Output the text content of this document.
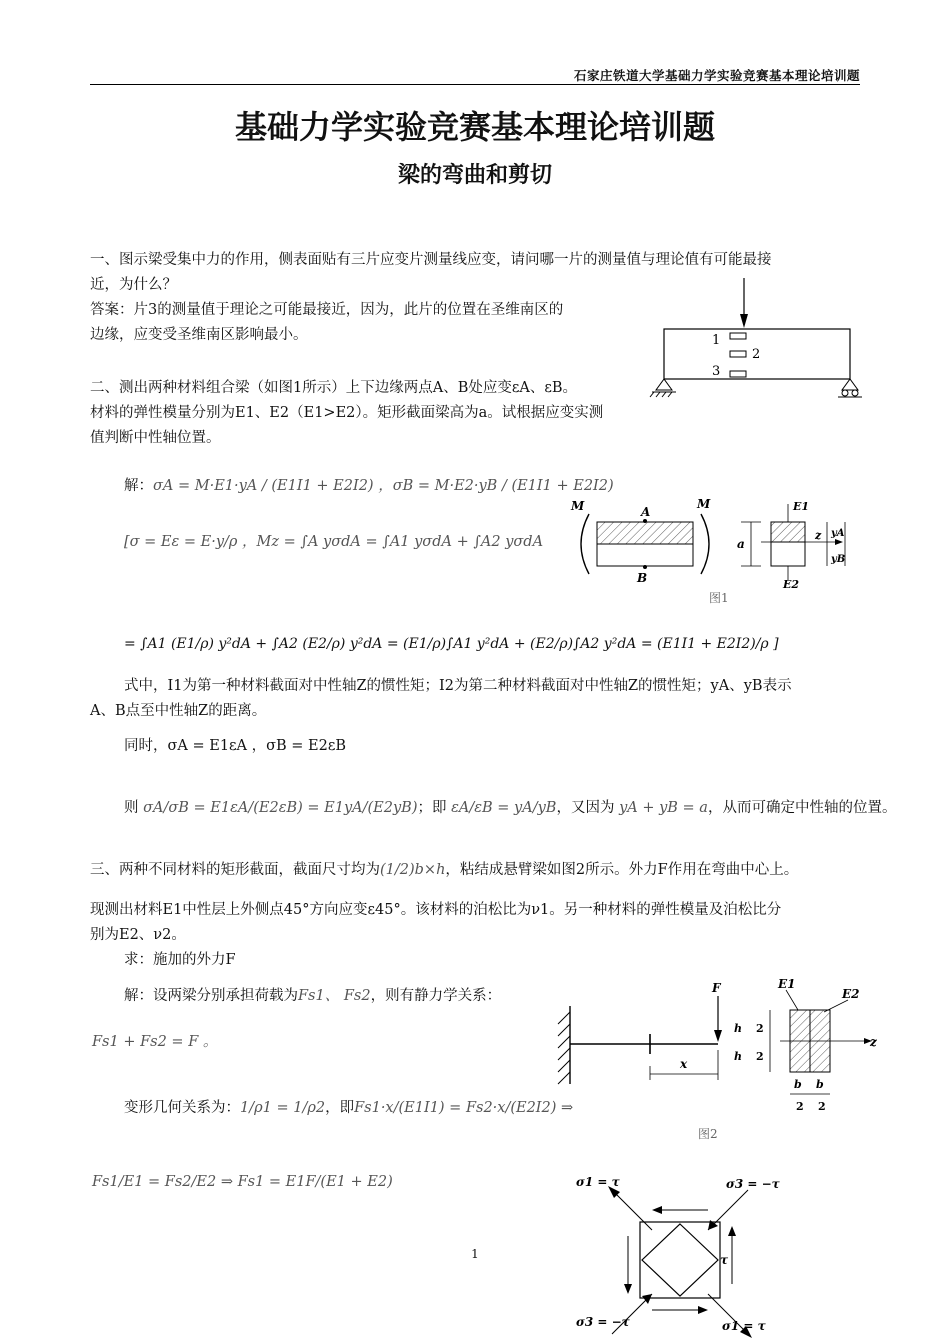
石家庄铁道大学基础力学实验竞赛基本理论培训题
基础力学实验竞赛基本理论培训题
梁的弯曲和剪切
一、图示梁受集中力的作用，侧表面贴有三片应变片测量线应变，请问哪一片的测量值与理论值有可能最接
近，为什么？
答案：片3的测量值于理论之可能最接近，因为，此片的位置在圣维南区的
边缘，应变受圣维南区影响最小。	1
2
3
二、测出两种材料组合梁（如图1所示）上下边缘两点A、B处应变εA、εB。
材料的弹性模量分别为E1、E2（E1>E2）。矩形截面梁高为a。试根据应变实测
值判断中性轴位置。
解：σA = M·E1·yA / (E1I1 + E2I2) ，σB = M·E2·yB / (E1I1 + E2I2)
[σ = Eε = E·y/ρ ，Mz = ∫A yσdA = ∫A1 yσdA + ∫A2 yσdA
= ∫A1 (E1/ρ) y²dA + ∫A2 (E2/ρ) y²dA = (E1/ρ)∫A1 y²dA + (E2/ρ)∫A2 y²dA = (E1I1 + E2I2)/ρ ]
M	M
A
B
a
z
E1
E2
yA
yB
图1
式中，I1为第一种材料截面对中性轴Z的惯性矩；I2为第二种材料截面对中性轴Z的惯性矩；yA、yB表示
A、B点至中性轴Z的距离。
同时，σA = E1εA ，σB = E2εB
则 σA/σB = E1εA/(E2εB) = E1yA/(E2yB)；即 εA/εB = yA/yB，又因为 yA + yB = a，从而可确定中性轴的位置。
三、两种不同材料的矩形截面，截面尺寸均为(1/2)b×h，粘结成悬臂梁如图2所示。外力F作用在弯曲中心上。
现测出材料E1中性层上外侧点45°方向应变ε45°。该材料的泊松比为ν1。另一种材料的弹性模量及泊松比分
别为E2、ν2。
求：施加的外力F
解：设两梁分别承担荷载为Fs1、 Fs2，则有静力学关系：
Fs1 + Fs2 = F 。
变形几何关系为：1/ρ1 = 1/ρ2，即Fs1·x/(E1I1) = Fs2·x/(E2I2) ⇒
Fs1/E1 = Fs2/E2 ⇒ Fs1 = E1F/(E1 + E2)
F
x
z
E1
E2
h 2
h 2
b
2
b
2
图2
σ1 = τ	σ3 = −τ
τ
σ3 = −τ	σ1 = τ
1
